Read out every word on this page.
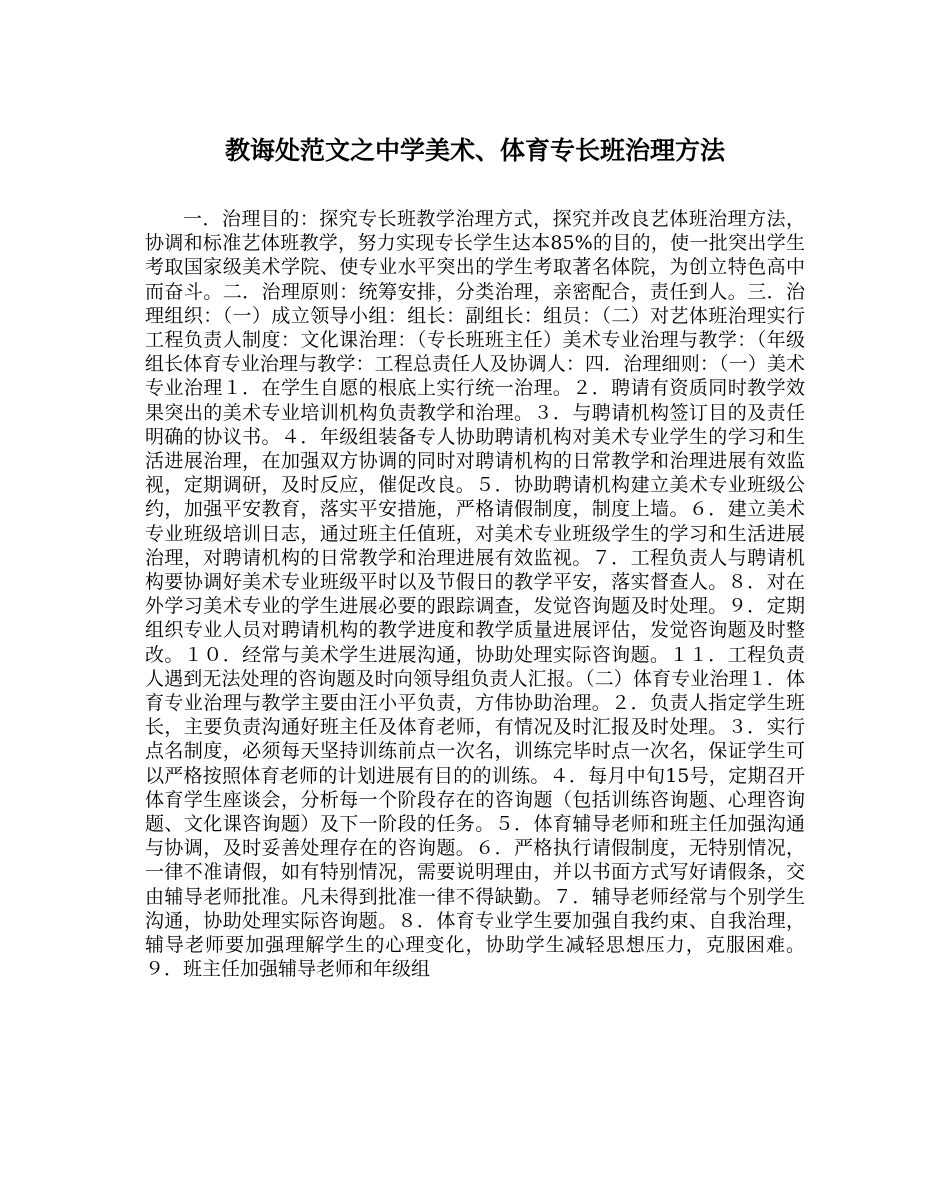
教诲处范文之中学美术、体育专长班治理方法

一．治理目的：探究专长班教学治理方式，探究并改良艺体班治理方法，协调和标准艺体班教学，努力实现专长学生达本85%的目的，使一批突出学生考取国家级美术学院、使专业水平突出的学生考取著名体院，为创立特色高中而奋斗。二．治理原则：统筹安排，分类治理，亲密配合，责任到人。三．治理组织：（一）成立领导小组：组长：副组长：组员：（二）对艺体班治理实行工程负责人制度：文化课治理：（专长班班主任）美术专业治理与教学：（年级组长体育专业治理与教学：工程总责任人及协调人：四．治理细则：（一）美术专业治理１．在学生自愿的根底上实行统一治理。２．聘请有资质同时教学效果突出的美术专业培训机构负责教学和治理。３．与聘请机构签订目的及责任明确的协议书。４．年级组装备专人协助聘请机构对美术专业学生的学习和生活进展治理，在加强双方协调的同时对聘请机构的日常教学和治理进展有效监视，定期调研，及时反应，催促改良。５．协助聘请机构建立美术专业班级公约，加强平安教育，落实平安措施，严格请假制度，制度上墙。６．建立美术专业班级培训日志，通过班主任值班，对美术专业班级学生的学习和生活进展治理，对聘请机构的日常教学和治理进展有效监视。７．工程负责人与聘请机构要协调好美术专业班级平时以及节假日的教学平安，落实督查人。８．对在外学习美术专业的学生进展必要的跟踪调查，发觉咨询题及时处理。９．定期组织专业人员对聘请机构的教学进度和教学质量进展评估，发觉咨询题及时整改。１０．经常与美术学生进展沟通，协助处理实际咨询题。１１．工程负责人遇到无法处理的咨询题及时向领导组负责人汇报。（二）体育专业治理１．体育专业治理与教学主要由汪小平负责，方伟协助治理。２．负责人指定学生班长，主要负责沟通好班主任及体育老师，有情况及时汇报及时处理。３．实行点名制度，必须每天坚持训练前点一次名，训练完毕时点一次名，保证学生可以严格按照体育老师的计划进展有目的的训练。４．每月中旬15号，定期召开体育学生座谈会，分析每一个阶段存在的咨询题（包括训练咨询题、心理咨询题、文化课咨询题）及下一阶段的任务。５．体育辅导老师和班主任加强沟通与协调，及时妥善处理存在的咨询题。６．严格执行请假制度，无特别情况，一律不准请假，如有特别情况，需要说明理由，并以书面方式写好请假条，交由辅导老师批准。凡未得到批准一律不得缺勤。７．辅导老师经常与个别学生沟通，协助处理实际咨询题。８．体育专业学生要加强自我约束、自我治理，辅导老师要加强理解学生的心理变化，协助学生减轻思想压力，克服困难。９．班主任加强辅导老师和年级组
